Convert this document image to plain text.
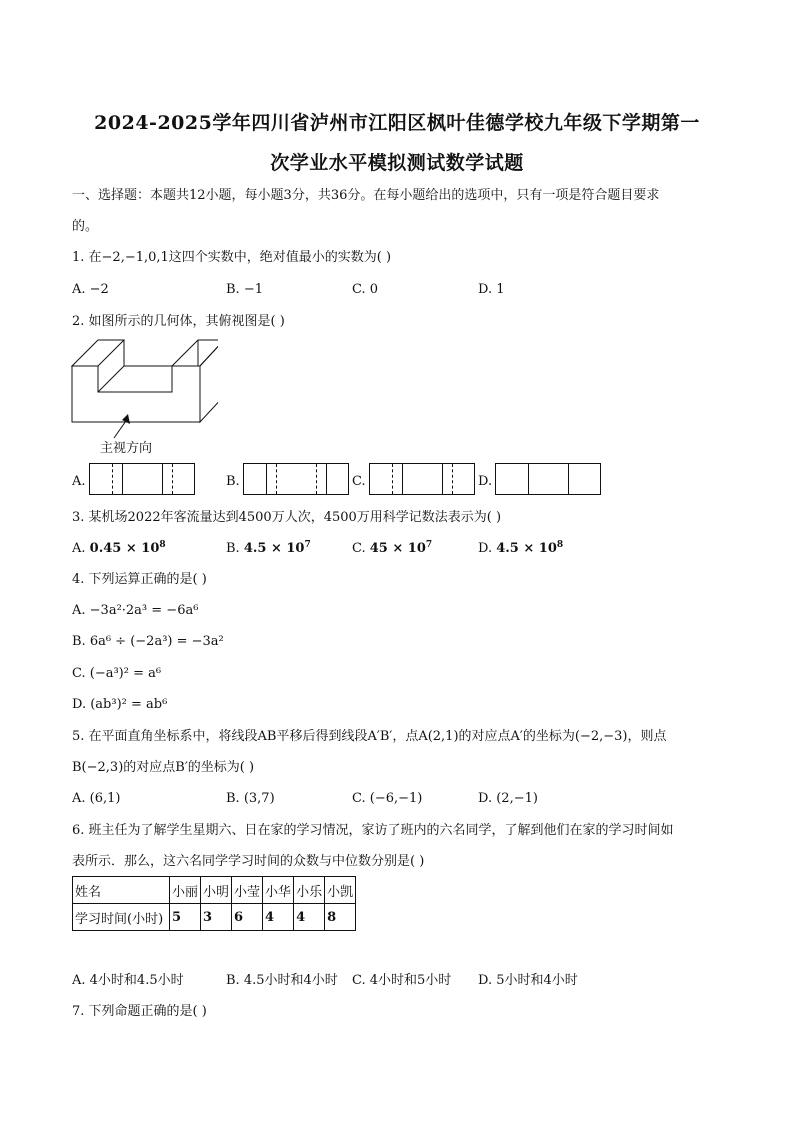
2024-2025学年四川省泸州市江阳区枫叶佳德学校九年级下学期第一
次学业水平模拟测试数学试题
一、选择题：本题共12小题，每小题3分，共36分。在每小题给出的选项中，只有一项是符合题目要求
的。
1. 在−2,−1,0,1这四个实数中，绝对值最小的实数为( )
A. −2	B. −1	C. 0	D. 1
2. 如图所示的几何体，其俯视图是( )
主视方向
A.	B.	C.	D.
3. 某机场2022年客流量达到4500万人次，4500万用科学记数法表示为( )
A. $0.45 \times 10^8$	B. $4.5 \times 10^7$	C. $45 \times 10^7$	D. $4.5 \times 10^8$
4. 下列运算正确的是( )
A. −3a²·2a³ = −6a⁶
B. 6a⁶ ÷ (−2a³) = −3a²
C. (−a³)² = a⁶
D. (ab³)² = ab⁶
5. 在平面直角坐标系中，将线段AB平移后得到线段A′B′，点A(2,1)的对应点A′的坐标为(−2,−3)，则点
B(−2,3)的对应点B′的坐标为( )
A. (6,1)	B. (3,7)	C. (−6,−1)	D. (2,−1)
6. 班主任为了解学生星期六、日在家的学习情况，家访了班内的六名同学，了解到他们在家的学习时间如
表所示．那么，这六名同学学习时间的众数与中位数分别是( )
姓名	小丽	小明	小莹	小华	小乐	小凯
学习时间(小时)	5	3	6	4	4	8
A. 4小时和4.5小时	B. 4.5小时和4小时 C. 4小时和5小时 D. 5小时和4小时
7. 下列命题正确的是( )
